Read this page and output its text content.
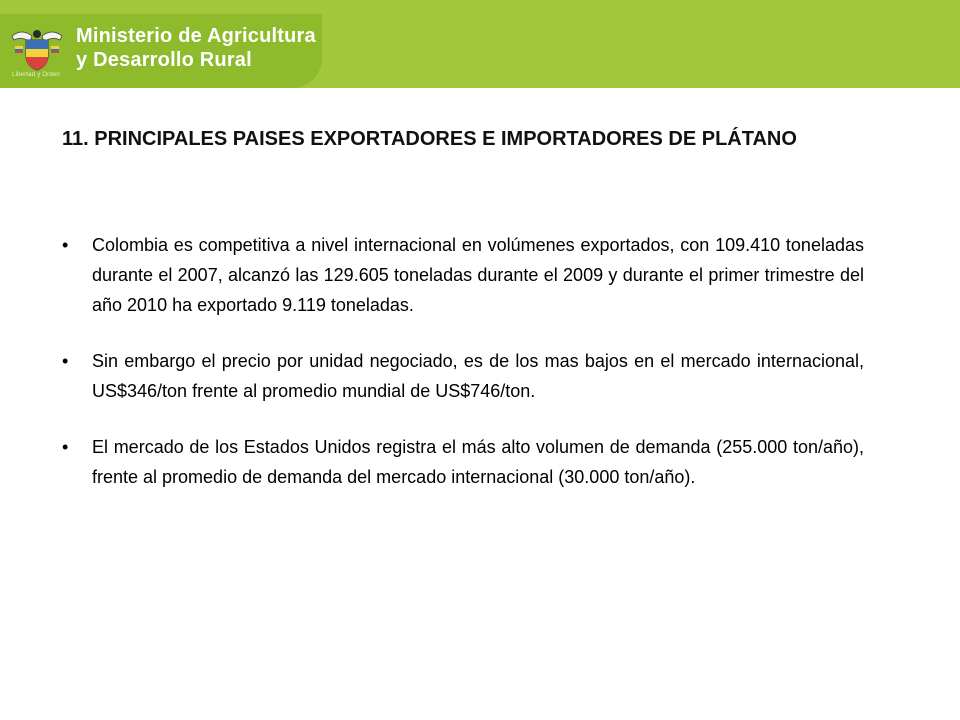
Libertad y Orden
Ministerio de Agricultura
y Desarrollo Rural
11. PRINCIPALES PAISES EXPORTADORES E IMPORTADORES DE PLÁTANO
•	Colombia es competitiva a nivel internacional en volúmenes exportados, con 109.410 toneladas durante el 2007, alcanzó las 129.605 toneladas durante el 2009 y durante el primer trimestre del año 2010 ha exportado 9.119 toneladas.
•	Sin embargo el precio por unidad negociado, es de los mas bajos en el mercado internacional, US$346/ton frente al promedio mundial de US$746/ton.
•	El mercado de los Estados Unidos registra el más alto volumen de demanda (255.000 ton/año), frente al promedio de demanda del mercado internacional (30.000 ton/año).
